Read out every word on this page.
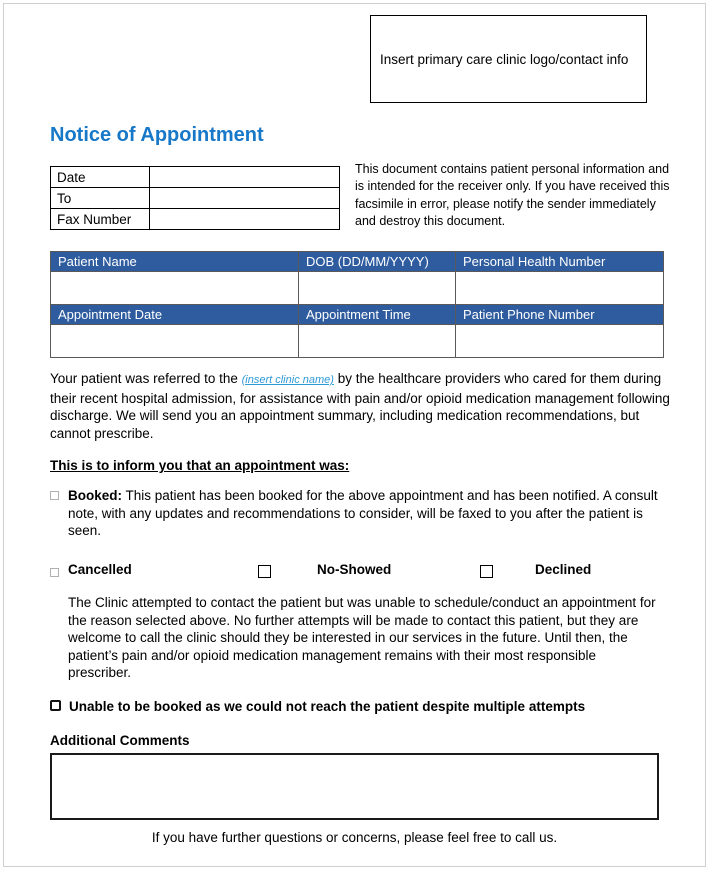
Insert primary care clinic logo/contact info
Notice of Appointment
Date	
To	
Fax Number	

This document contains patient personal information and is intended for the receiver only. If you have received this facsimile in error, please notify the sender immediately and destroy this document.

Patient Name	DOB (DD/MM/YYYY)	Personal Health Number

Appointment Date	Appointment Time	Patient Phone Number

Your patient was referred to the (insert clinic name) by the healthcare providers who cared for them during their recent hospital admission, for assistance with pain and/or opioid medication management following discharge. We will send you an appointment summary, including medication recommendations, but cannot prescribe.

This is to inform you that an appointment was:

Booked: This patient has been booked for the above appointment and has been notified. A consult note, with any updates and recommendations to consider, will be faxed to you after the patient is seen.

Cancelled	No-Showed	Declined

The Clinic attempted to contact the patient but was unable to schedule/conduct an appointment for the reason selected above. No further attempts will be made to contact this patient, but they are welcome to call the clinic should they be interested in our services in the future. Until then, the patient’s pain and/or opioid medication management remains with their most responsible prescriber.

Unable to be booked as we could not reach the patient despite multiple attempts

Additional Comments
If you have further questions or concerns, please feel free to call us.
